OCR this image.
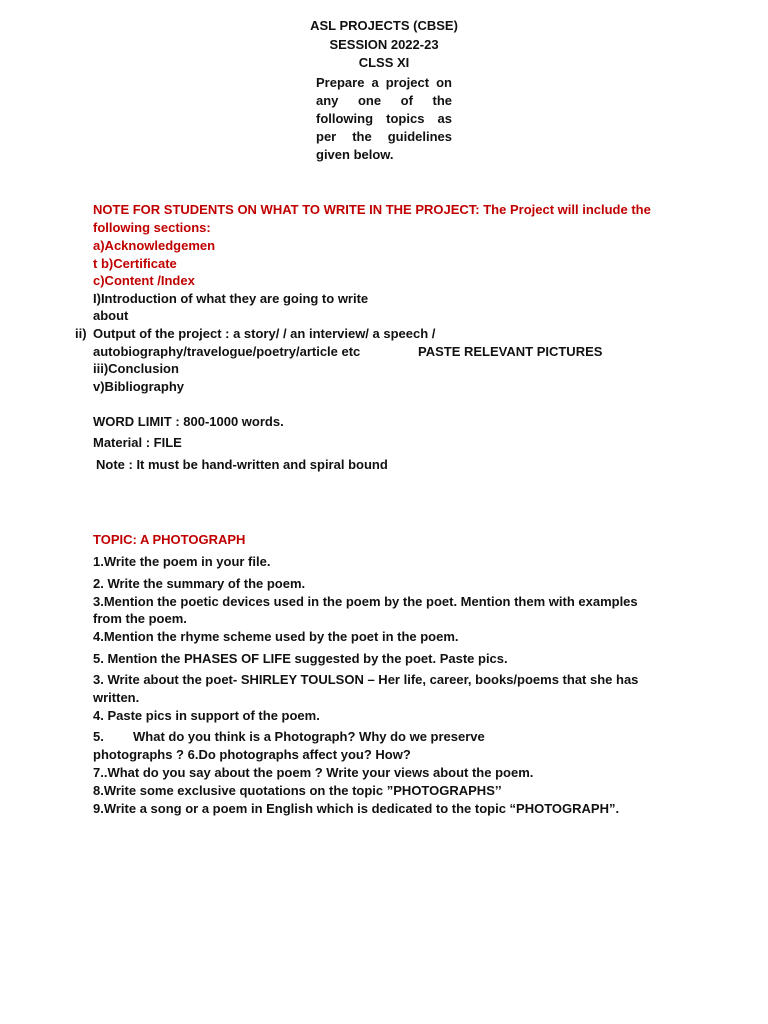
ASL PROJECTS (CBSE)
SESSION 2022-23
CLSS XI
Prepare a project on
any one of the
following topics as
per the guidelines
given below.
NOTE FOR STUDENTS ON WHAT TO WRITE IN THE PROJECT: The Project will include the
following sections:
a)Acknowledgemen
t b)Certificate
c)Content /Index
I)Introduction of what they are going to write
about
ii) Output of the project : a story/ / an interview/ a speech /
autobiography/travelogue/poetry/article etc	PASTE RELEVANT PICTURES
iii)Conclusion
v)Bibliography
WORD LIMIT : 800-1000 words.
Material : FILE
Note : It must be hand-written and spiral bound
TOPIC: A PHOTOGRAPH
1.Write the poem in your file.
2. Write the summary of the poem.
3.Mention the poetic devices used in the poem by the poet. Mention them with examples
from the poem.
4.Mention the rhyme scheme used by the poet in the poem.
5. Mention the PHASES OF LIFE suggested by the poet. Paste pics.
3. Write about the poet- SHIRLEY TOULSON – Her life, career, books/poems that she has
written.
4. Paste pics in support of the poem.
5. What do you think is a Photograph? Why do we preserve
photographs ? 6.Do photographs affect you? How?
7..What do you say about the poem ? Write your views about the poem.
8.Write some exclusive quotations on the topic ”PHOTOGRAPHS’’
9.Write a song or a poem in English which is dedicated to the topic “PHOTOGRAPH”.
